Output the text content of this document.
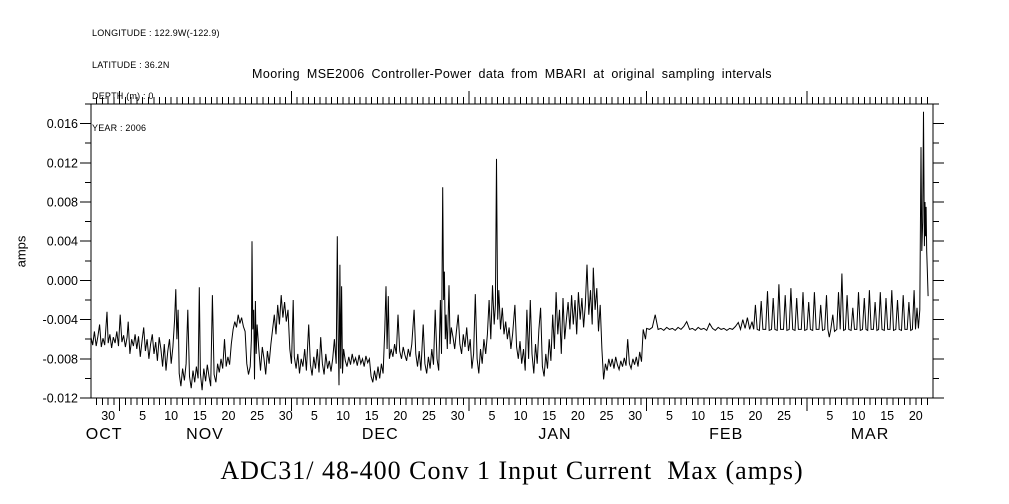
LONGITUDE : 122.9W(-122.9)

LATITUDE : 36.2N

DEPTH (m) : 0

YEAR : 2006

Mooring MSE2006 Controller-Power data from MBARI at original sampling intervals
amps
0.016
0.012
0.008
0.004
0.000
-0.004
-0.008
-0.012
30 5 10 15 20 25 30 5 10 15 20 25 30 5 10 15 20 25 30 5 10 15 20 25	5 10 15 20
OCT	NOV	DEC	JAN	FEB	MAR
ADC31/ 48-400 Conv 1 Input Current  Max (amps)
